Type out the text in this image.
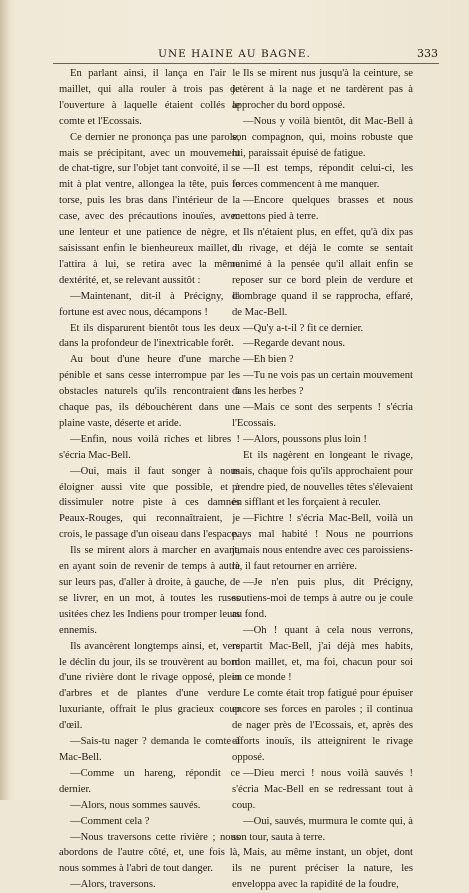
UNE HAINE AU BAGNE.	333

En parlant ainsi, il lança en l'air le maillet, qui alla rouler à trois pas de l'ouverture à laquelle étaient collés le comte et l'Ecossais.

Ce dernier ne prononça pas une parole, mais se précipitant, avec un mouvement de chat-tigre, sur l'objet tant convoité, il se mit à plat ventre, allongea la tête, puis le torse, puis les bras dans l'intérieur de la case, avec des précautions inouïes, avec une lenteur et une patience de nègre, et saisissant enfin le bienheureux maillet, il l'attira à lui, se retira avec la même dextérité, et, se relevant aussitôt :

—Maintenant, dit-il à Précigny, la fortune est avec nous, décampons !

Et ils disparurent bientôt tous les deux dans la profondeur de l'inextricable forêt.

Au bout d'une heure d'une marche pénible et sans cesse interrompue par les obstacles naturels qu'ils rencontraient à chaque pas, ils débouchèrent dans une plaine vaste, déserte et aride.

—Enfin, nous voilà riches et libres ! s'écria Mac-Bell.

—Oui, mais il faut songer à nous éloigner aussi vite que possible, et à dissimuler notre piste à ces damnés Peaux-Rouges, qui reconnaîtraient, je crois, le passage d'un oiseau dans l'espace.

Ils se mirent alors à marcher en avant, en ayant soin de revenir de temps à autre sur leurs pas, d'aller à droite, à gauche, de se livrer, en un mot, à toutes les ruses usitées chez les Indiens pour tromper leurs ennemis.

Ils avancèrent longtemps ainsi, et, vers le déclin du jour, ils se trouvèrent au bord d'une rivière dont le rivage opposé, plein d'arbres et de plantes d'une verdure luxuriante, offrait le plus gracieux coup d'œil.

—Sais-tu nager ? demanda le comte à Mac-Bell.

—Comme un hareng, répondit ce dernier.

—Alors, nous sommes sauvés.

—Comment cela ?

—Nous traversons cette rivière ; nous abordons de l'autre côté, et, une fois là, nous sommes à l'abri de tout danger.

—Alors, traversons.

Ils se mirent nus jusqu'à la ceinture, se jetèrent à la nage et ne tardèrent pas à approcher du bord opposé.

—Nous y voilà bientôt, dit Mac-Bell à son compagnon, qui, moins robuste que lui, paraissait épuisé de fatigue.

—Il est temps, répondit celui-ci, les forces commencent à me manquer.

—Encore quelques brasses et nous mettons pied à terre.

Ils n'étaient plus, en effet, qu'à dix pas du rivage, et déjà le comte se sentait ranimé à la pensée qu'il allait enfin se reposer sur ce bord plein de verdure et d'ombrage quand il se rapprocha, effaré, de Mac-Bell.

—Qu'y a-t-il ? fit ce dernier.

—Regarde devant nous.

—Eh bien ?

—Tu ne vois pas un certain mouvement dans les herbes ?

—Mais ce sont des serpents ! s'écria l'Ecossais.

—Alors, poussons plus loin !

Et ils nagèrent en longeant le rivage, mais, chaque fois qu'ils approchaient pour prendre pied, de nouvelles têtes s'élevaient en sifflant et les forçaient à reculer.

—Fichtre ! s'écria Mac-Bell, voilà un pays mal habité ! Nous ne pourrions jamais nous entendre avec ces paroissiens-là, il faut retourner en arrière.

—Je n'en puis plus, dit Précigny, soutiens-moi de temps à autre ou je coule au fond.

—Oh ! quant à cela nous verrons, repartit Mac-Bell, j'ai déjà mes habits, mon maillet, et, ma foi, chacun pour soi en ce monde !

Le comte était trop fatigué pour épuiser encore ses forces en paroles ; il continua de nager près de l'Ecossais, et, après des efforts inouïs, ils atteignirent le rivage opposé.

—Dieu merci ! nous voilà sauvés ! s'écria Mac-Bell en se redressant tout à coup.

—Oui, sauvés, murmura le comte qui, à son tour, sauta à terre.

Mais, au même instant, un objet, dont ils ne purent préciser la nature, les enveloppa avec la rapidité de la foudre,
